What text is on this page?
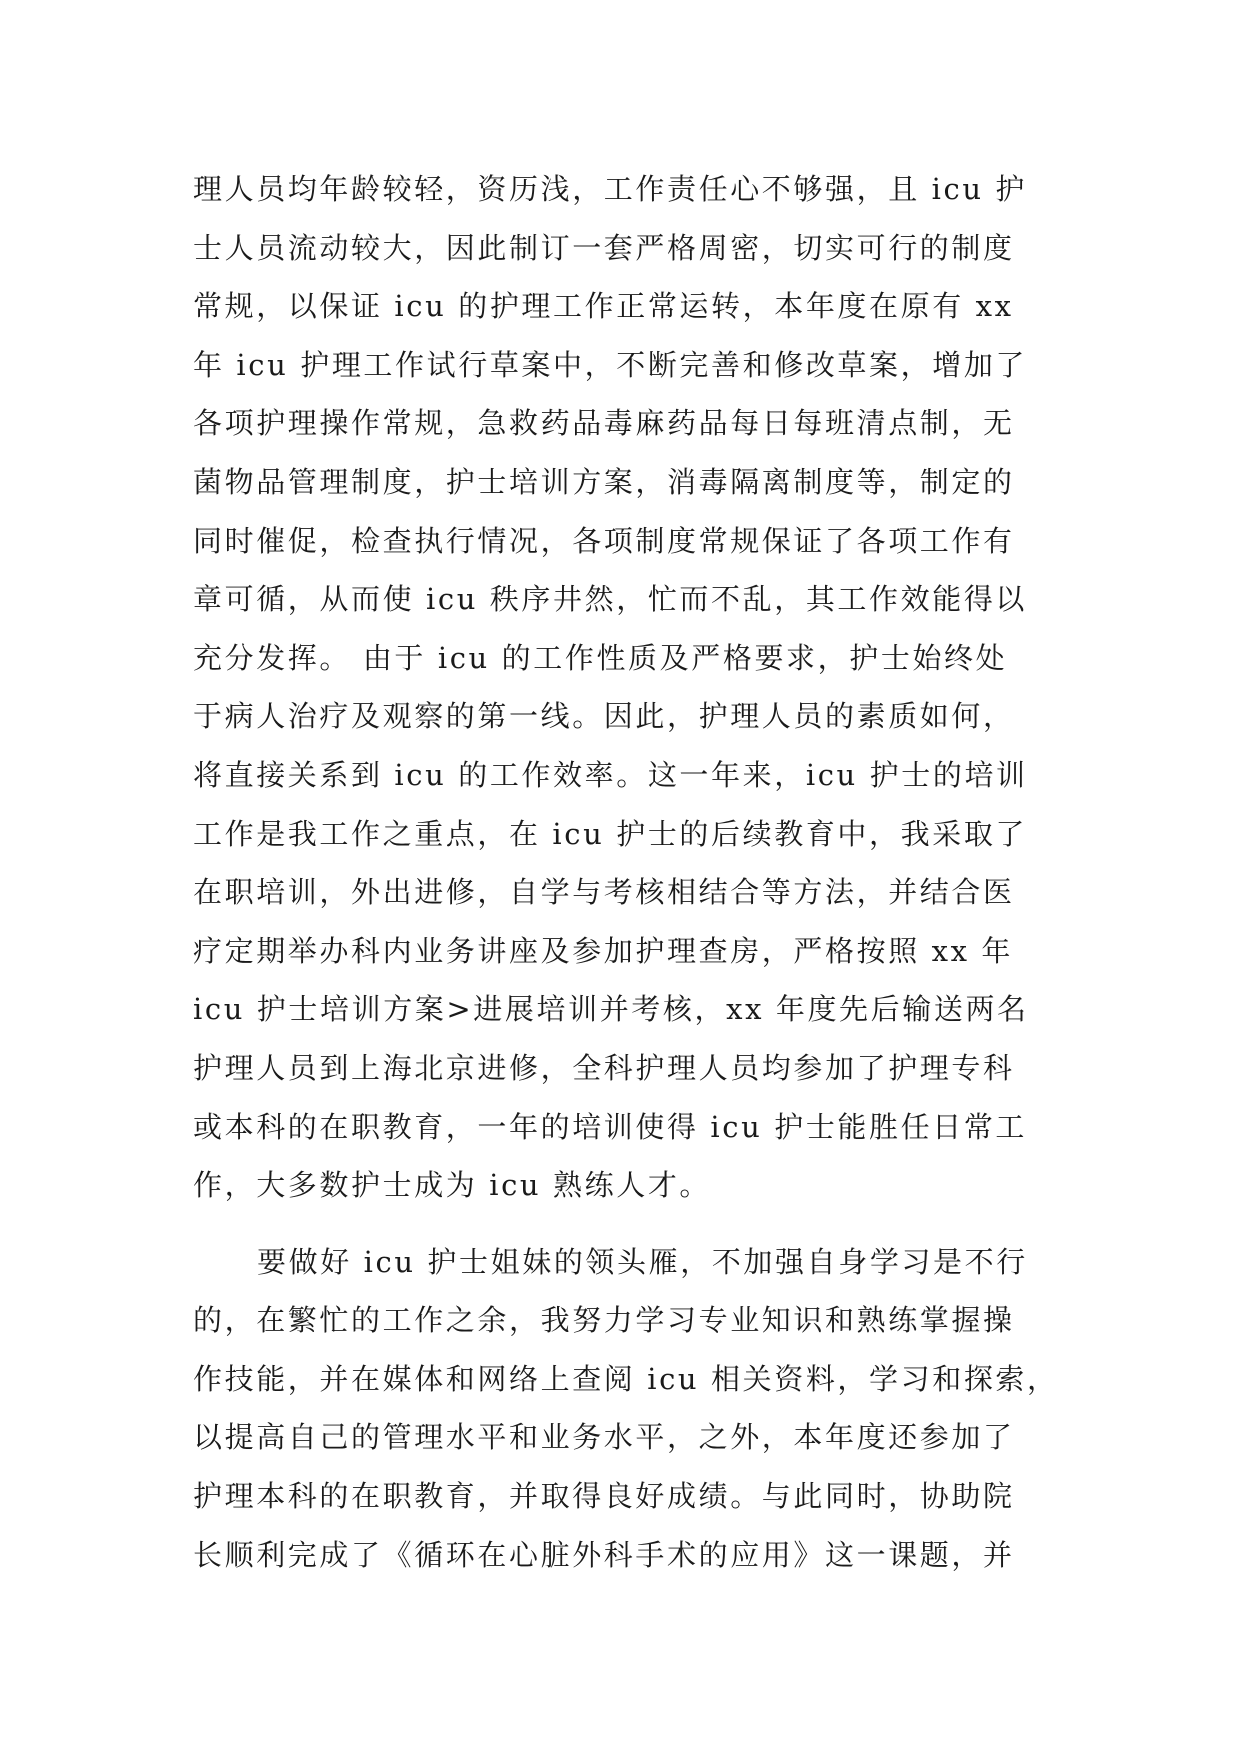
理人员均年龄较轻，资历浅，工作责任心不够强，且 icu 护
士人员流动较大，因此制订一套严格周密，切实可行的制度
常规，以保证 icu 的护理工作正常运转，本年度在原有 xx
年 icu 护理工作试行草案中，不断完善和修改草案，增加了
各项护理操作常规，急救药品毒麻药品每日每班清点制，无
菌物品管理制度，护士培训方案，消毒隔离制度等，制定的
同时催促，检查执行情况，各项制度常规保证了各项工作有
章可循，从而使 icu 秩序井然，忙而不乱，其工作效能得以
充分发挥。 由于 icu 的工作性质及严格要求，护士始终处
于病人治疗及观察的第一线。因此，护理人员的素质如何，
将直接关系到 icu 的工作效率。这一年来，icu 护士的培训
工作是我工作之重点，在 icu 护士的后续教育中，我采取了
在职培训，外出进修，自学与考核相结合等方法，并结合医
疗定期举办科内业务讲座及参加护理查房，严格按照 xx 年
icu 护士培训方案>进展培训并考核，xx 年度先后输送两名
护理人员到上海北京进修，全科护理人员均参加了护理专科
或本科的在职教育，一年的培训使得 icu 护士能胜任日常工
作，大多数护士成为 icu 熟练人才。
要做好 icu 护士姐妹的领头雁，不加强自身学习是不行
的，在繁忙的工作之余，我努力学习专业知识和熟练掌握操
作技能，并在媒体和网络上查阅 icu 相关资料，学习和探索，
以提高自己的管理水平和业务水平，之外，本年度还参加了
护理本科的在职教育，并取得良好成绩。与此同时，协助院
长顺利完成了《循环在心脏外科手术的应用》这一课题，并
